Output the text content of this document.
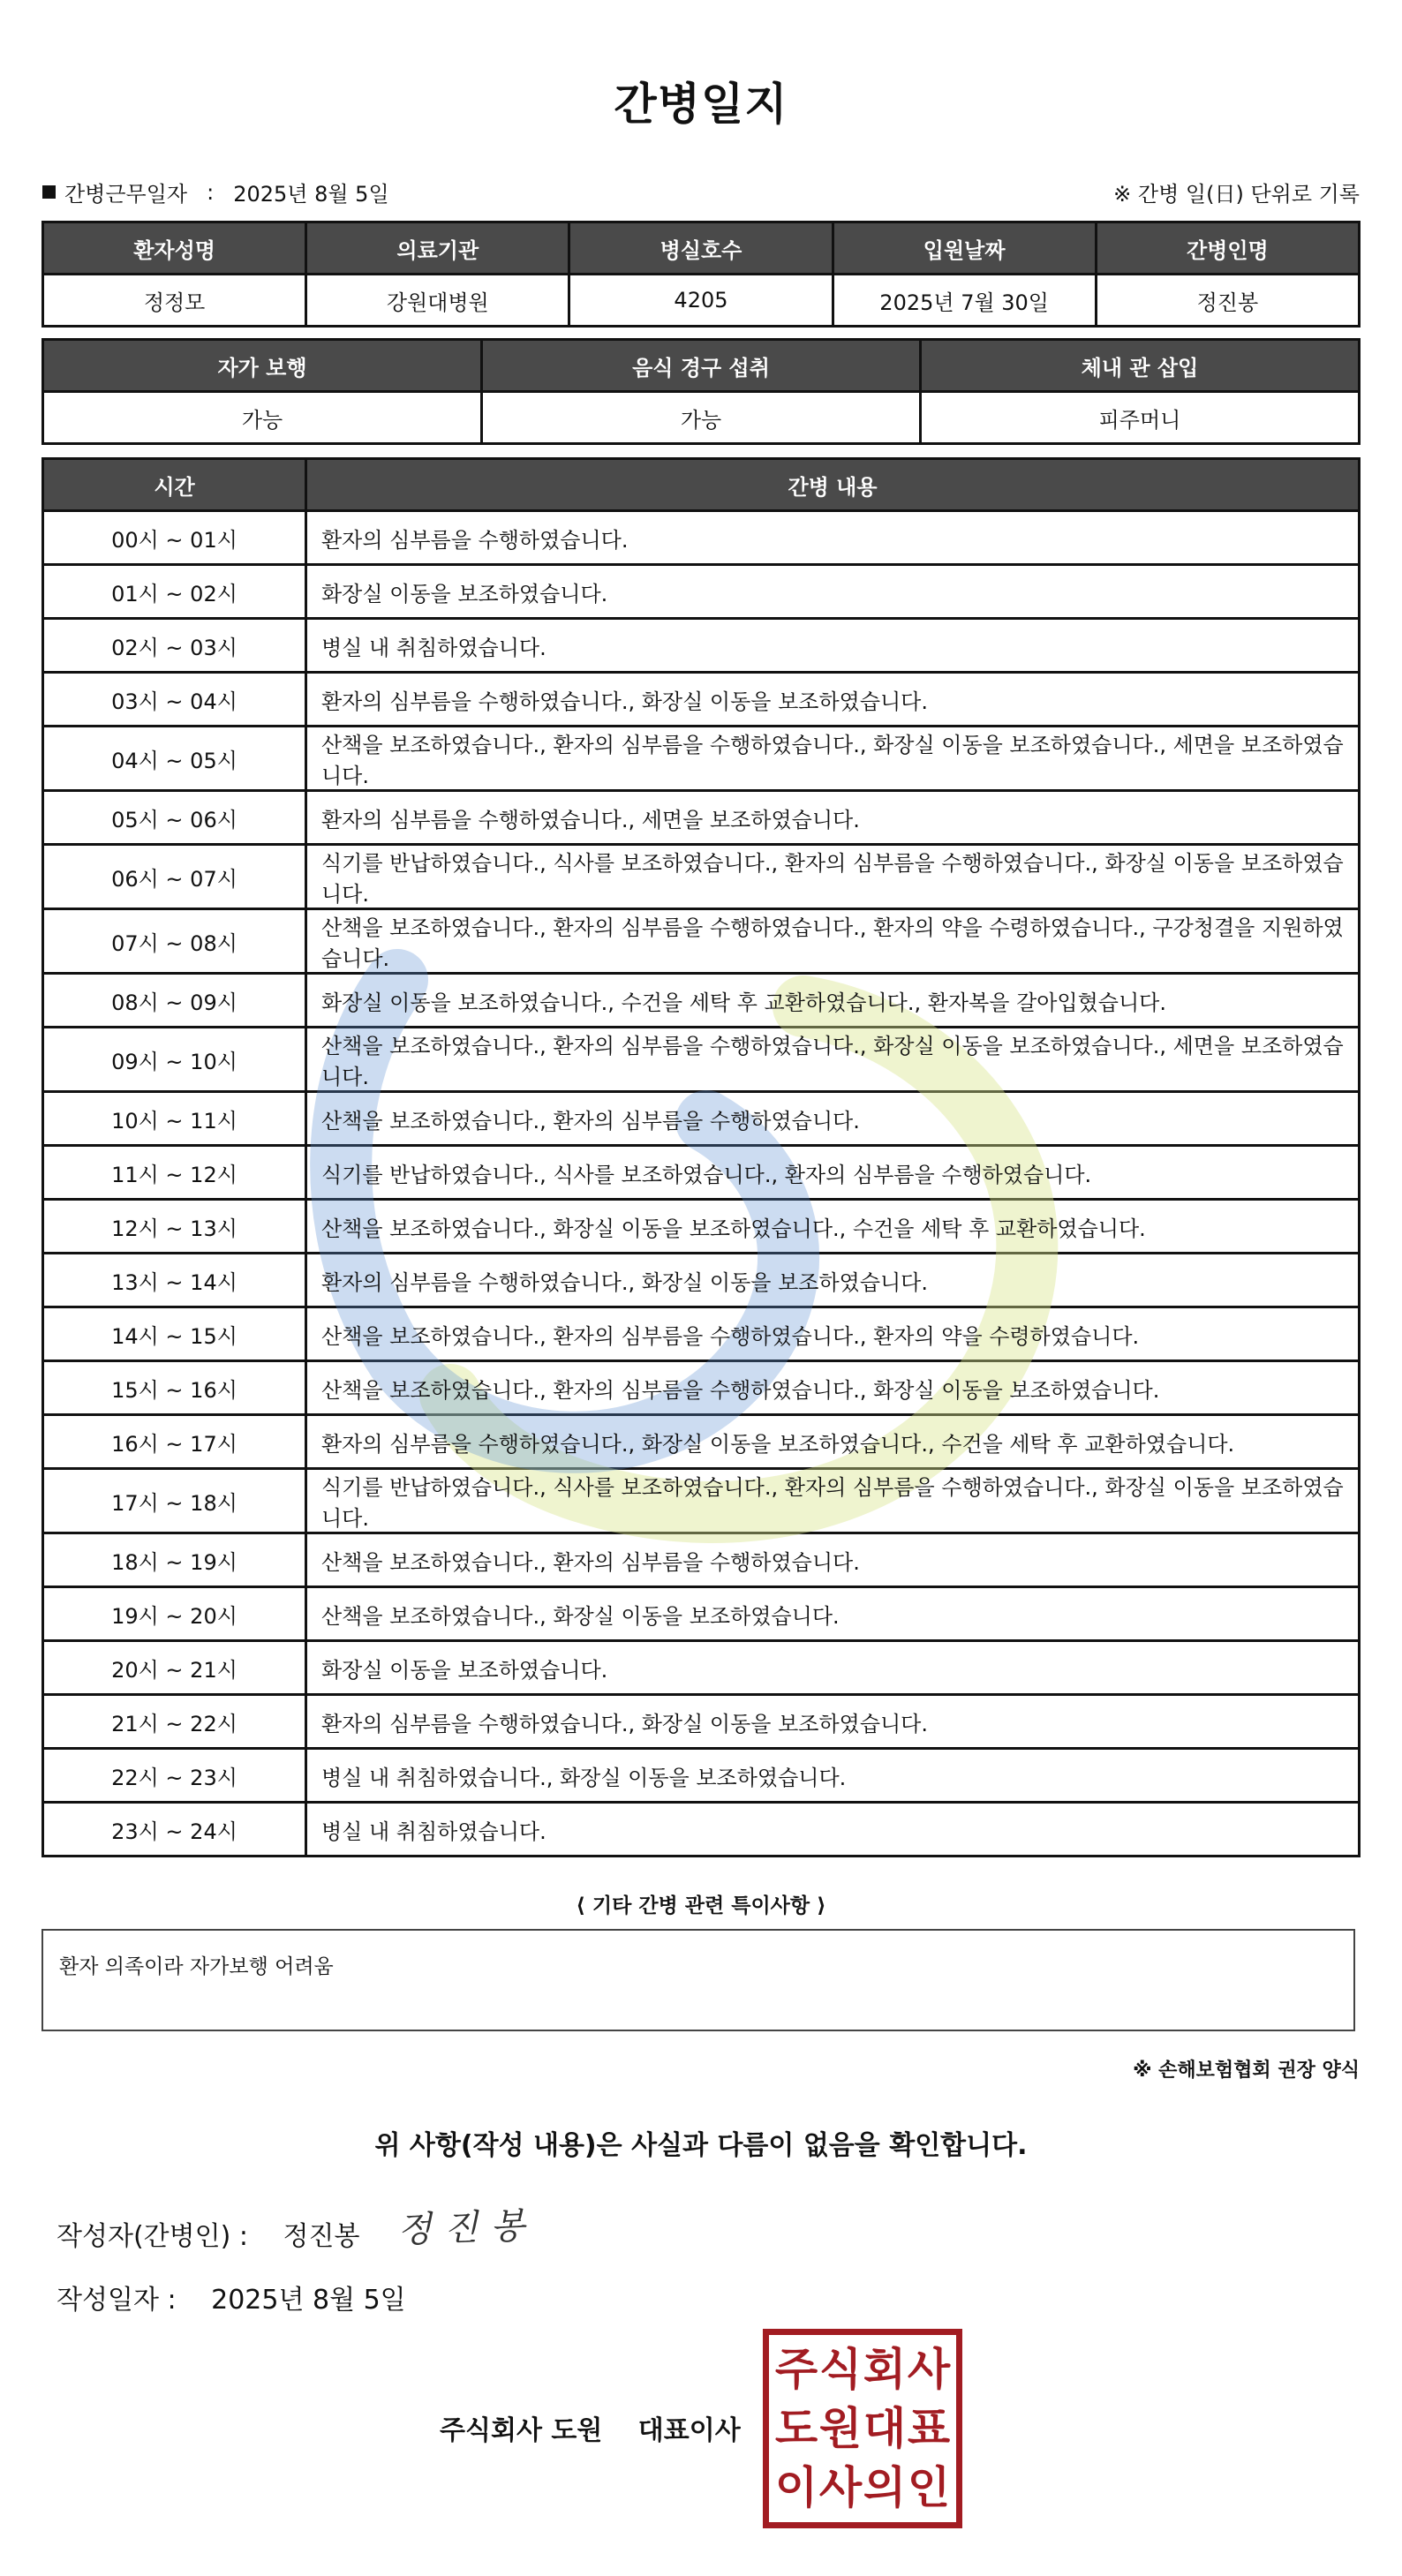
간병일지
간병근무일자 : 2025년 8월 5일	※ 간병 일(日) 단위로 기록
환자성명	의료기관	병실호수	입원날짜	간병인명
정정모	강원대병원	4205	2025년 7월 30일	정진봉
자가 보행	음식 경구 섭취	체내 관 삽입
가능	가능	피주머니
시간	간병 내용
00시 ~ 01시	환자의 심부름을 수행하였습니다.
01시 ~ 02시	화장실 이동을 보조하였습니다.
02시 ~ 03시	병실 내 취침하였습니다.
03시 ~ 04시	환자의 심부름을 수행하였습니다., 화장실 이동을 보조하였습니다.
04시 ~ 05시	산책을 보조하였습니다., 환자의 심부름을 수행하였습니다., 화장실 이동을 보조하였습니다., 세면을 보조하였습니다.
05시 ~ 06시	환자의 심부름을 수행하였습니다., 세면을 보조하였습니다.
06시 ~ 07시	식기를 반납하였습니다., 식사를 보조하였습니다., 환자의 심부름을 수행하였습니다., 화장실 이동을 보조하였습니다.
07시 ~ 08시	산책을 보조하였습니다., 환자의 심부름을 수행하였습니다., 환자의 약을 수령하였습니다., 구강청결을 지원하였습니다.
08시 ~ 09시	화장실 이동을 보조하였습니다., 수건을 세탁 후 교환하였습니다., 환자복을 갈아입혔습니다.
09시 ~ 10시	산책을 보조하였습니다., 환자의 심부름을 수행하였습니다., 화장실 이동을 보조하였습니다., 세면을 보조하였습니다.
10시 ~ 11시	산책을 보조하였습니다., 환자의 심부름을 수행하였습니다.
11시 ~ 12시	식기를 반납하였습니다., 식사를 보조하였습니다., 환자의 심부름을 수행하였습니다.
12시 ~ 13시	산책을 보조하였습니다., 화장실 이동을 보조하였습니다., 수건을 세탁 후 교환하였습니다.
13시 ~ 14시	환자의 심부름을 수행하였습니다., 화장실 이동을 보조하였습니다.
14시 ~ 15시	산책을 보조하였습니다., 환자의 심부름을 수행하였습니다., 환자의 약을 수령하였습니다.
15시 ~ 16시	산책을 보조하였습니다., 환자의 심부름을 수행하였습니다., 화장실 이동을 보조하였습니다.
16시 ~ 17시	환자의 심부름을 수행하였습니다., 화장실 이동을 보조하였습니다., 수건을 세탁 후 교환하였습니다.
17시 ~ 18시	식기를 반납하였습니다., 식사를 보조하였습니다., 환자의 심부름을 수행하였습니다., 화장실 이동을 보조하였습니다.
18시 ~ 19시	산책을 보조하였습니다., 환자의 심부름을 수행하였습니다.
19시 ~ 20시	산책을 보조하였습니다., 화장실 이동을 보조하였습니다.
20시 ~ 21시	화장실 이동을 보조하였습니다.
21시 ~ 22시	환자의 심부름을 수행하였습니다., 화장실 이동을 보조하였습니다.
22시 ~ 23시	병실 내 취침하였습니다., 화장실 이동을 보조하였습니다.
23시 ~ 24시	병실 내 취침하였습니다.
⟨ 기타 간병 관련 특이사항 ⟩
환자 의족이라 자가보행 어려움
※ 손해보험협회 권장 양식
위 사항(작성 내용)은 사실과 다름이 없음을 확인합니다.
작성자(간병인) : 정진봉 정진봉
작성일자 : 2025년 8월 5일
주식회사 도원 대표이사
주 식 회 사
도 원 대 표
이 사 의 인
